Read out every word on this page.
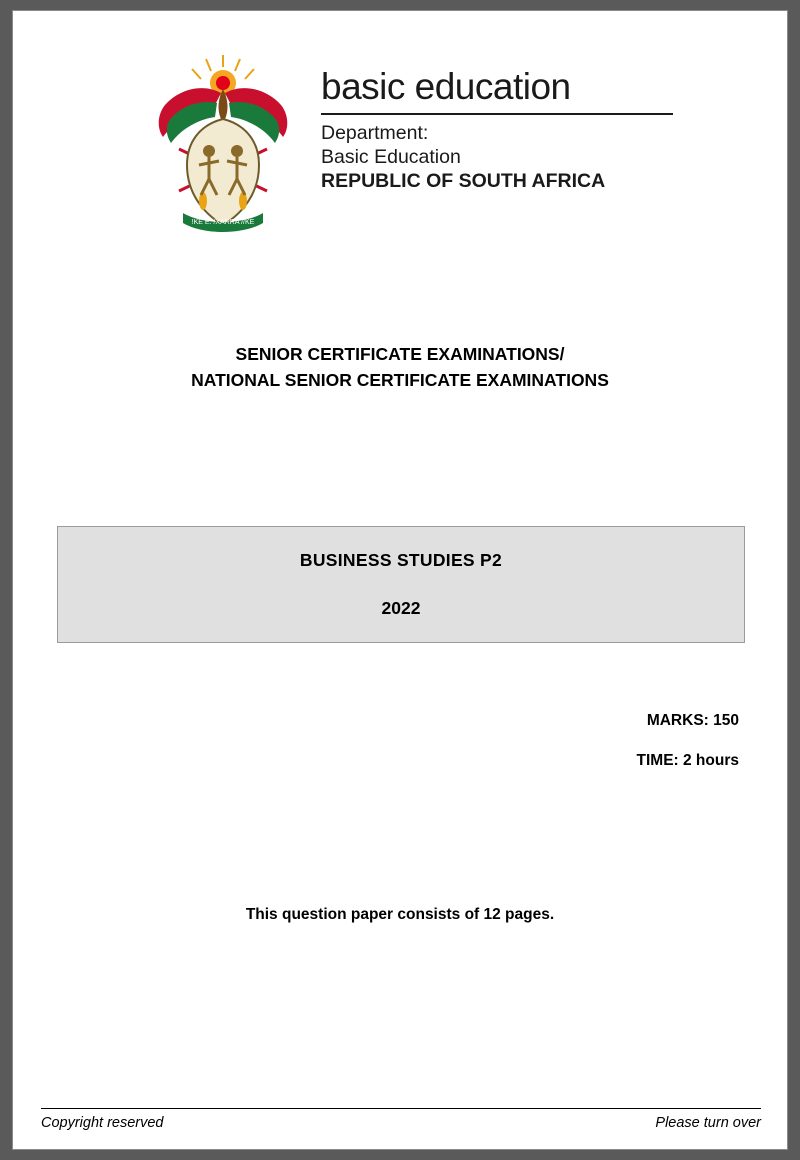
!KE E: /XARRA //KE
basic education
Department:
Basic Education
REPUBLIC OF SOUTH AFRICA
SENIOR CERTIFICATE EXAMINATIONS/
NATIONAL SENIOR CERTIFICATE EXAMINATIONS
BUSINESS STUDIES P2
2022
MARKS: 150
TIME: 2 hours
This question paper consists of 12 pages.
Copyright reserved	Please turn over
